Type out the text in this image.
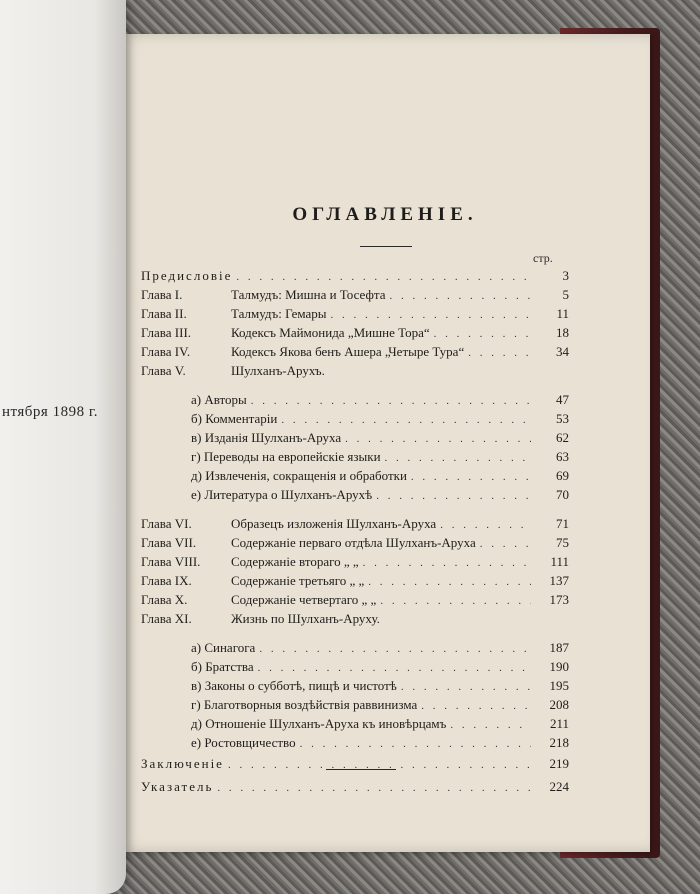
нтября 1898 г.
ОГЛАВЛЕНІЕ.
стр.
Предисловіе . . .	3
Глава I.	Талмудъ: Мишна и Тосефта . . .	5
Глава II.	Талмудъ: Гемары . . .	11
Глава III.	Кодексъ Маймонида „Мишне Тора“ . . .	18
Глава IV.	Кодексъ Якова бенъ Ашера „Четыре Тура“ . . .	34
Глава V.	Шулханъ-Арухъ.
а) Авторы . . .	47
б) Комментаріи . . .	53
в) Изданія Шулханъ-Аруха . . .	62
г) Переводы на европейскіе языки . . .	63
д) Извлеченія, сокращенія и обработки . . .	69
е) Литература о Шулханъ-Арухѣ . . .	70
Глава VI.	Образецъ изложенія Шулханъ-Аруха . . .	71
Глава VII.	Содержаніе перваго отдѣла Шулханъ-Аруха . . .	75
Глава VIII.	Содержаніе втораго „ „ . . .	111
Глава IX.	Содержаніе третьяго „ „ . . .	137
Глава X.	Содержаніе четвертаго „ „ . . .	173
Глава XI.	Жизнь по Шулханъ-Аруху.
а) Синагога . . .	187
б) Братства . . .	190
в) Законы о субботѣ, пищѣ и чистотѣ . . .	195
г) Благотворныя воздѣйствія раввинизма . . .	208
д) Отношеніе Шулханъ-Аруха къ иновѣрцамъ . . .	211
е) Ростовщичество . . .	218
Заключеніе . . .	219
Указатель . . .	224
